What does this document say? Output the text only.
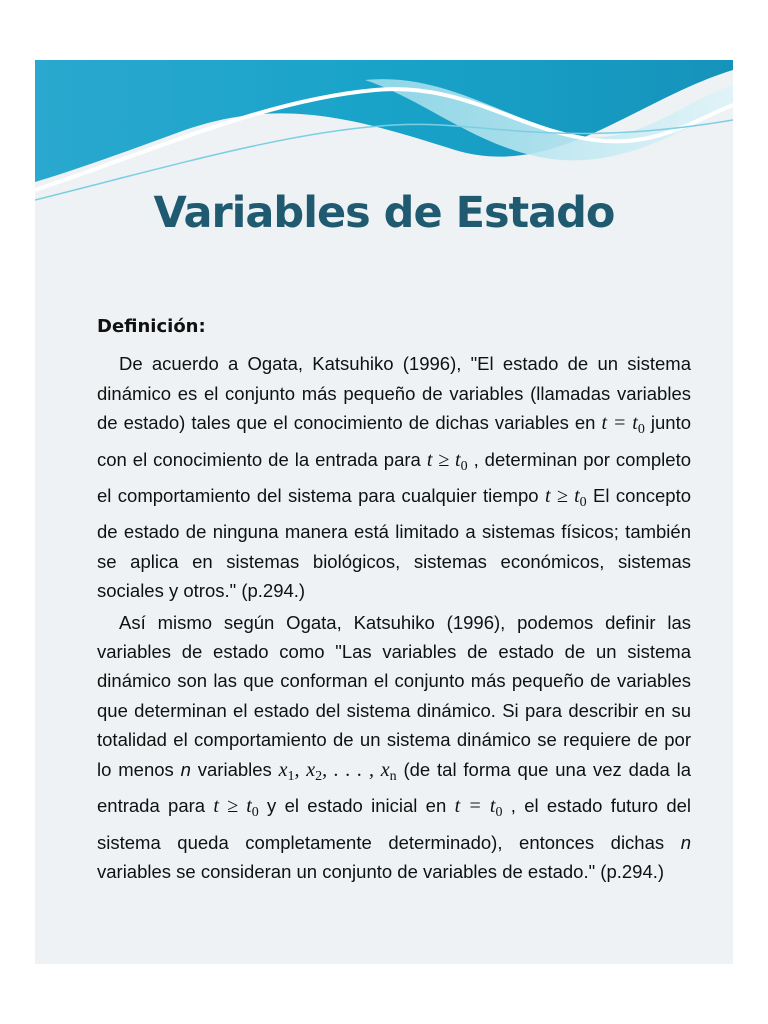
Variables de Estado
Definición:

De acuerdo a Ogata, Katsuhiko (1996), "El estado de un sistema dinámico es el conjunto más pequeño de variables (llamadas variables de estado) tales que el conocimiento de dichas variables en $t = t_0$ junto con el conocimiento de la entrada para $t \ge t_0$ , determinan por completo el comportamiento del sistema para cualquier tiempo $t \ge t_0$ El concepto de estado de ninguna manera está limitado a sistemas físicos; también se aplica en sistemas biológicos, sistemas económicos, sistemas sociales y otros." (p.294.)

Así mismo según Ogata, Katsuhiko (1996), podemos definir las variables de estado como "Las variables de estado de un sistema dinámico son las que conforman el conjunto más pequeño de variables que determinan el estado del sistema dinámico. Si para describir en su totalidad el comportamiento de un sistema dinámico se requiere de por lo menos n variables $x_1$, $x_2$, . . . , $x_n$ (de tal forma que una vez dada la entrada para $t \ge t_0$ y el estado inicial en $t = t_0$ , el estado futuro del sistema queda completamente determinado), entonces dichas n variables se consideran un conjunto de variables de estado." (p.294.)
